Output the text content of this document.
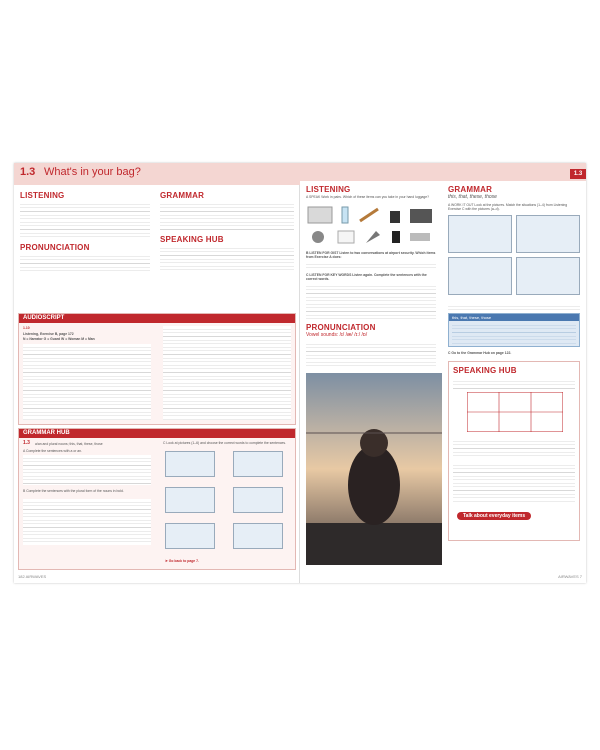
1.3 What's in your bag?
LISTENING
PRONUNCIATION
GRAMMAR
SPEAKING HUB
AUDIOSCRIPT
1.10
Listening, Exercise B, page 172
N = Narrator G = Guard W = Woman M = Man
GRAMMAR HUB
1.3 a/an and plural nouns; this, that, these, those
A Complete the sentences with a or an.
B Complete the sentences with the plural form of the nouns in bold.
C Look at pictures (1–6) and choose the correct words to complete the sentences.
➤ Go back to page 7.
182 AIRWAVES
1.3
LISTENING
A SPEAK Work in pairs. Which of these items can you take in your hand luggage?
B LISTEN FOR GIST Listen to two conversations at airport security. Which items from Exercise A does:
C LISTEN FOR KEY WORDS Listen again. Complete the sentences with the correct words.
PRONUNCIATION
Vowel sounds: /ɪ/ /æ/ /ɪː/ /ɒ/
GRAMMAR
this, that, these, those
A WORK IT OUT Look at the pictures. Match the situations (1–4) from Listening Exercise C with the pictures (a–d).
this, that, these, those
C Go to the Grammar Hub on page 122.
SPEAKING HUB
Talk about everyday items
AIRWAVES 7
